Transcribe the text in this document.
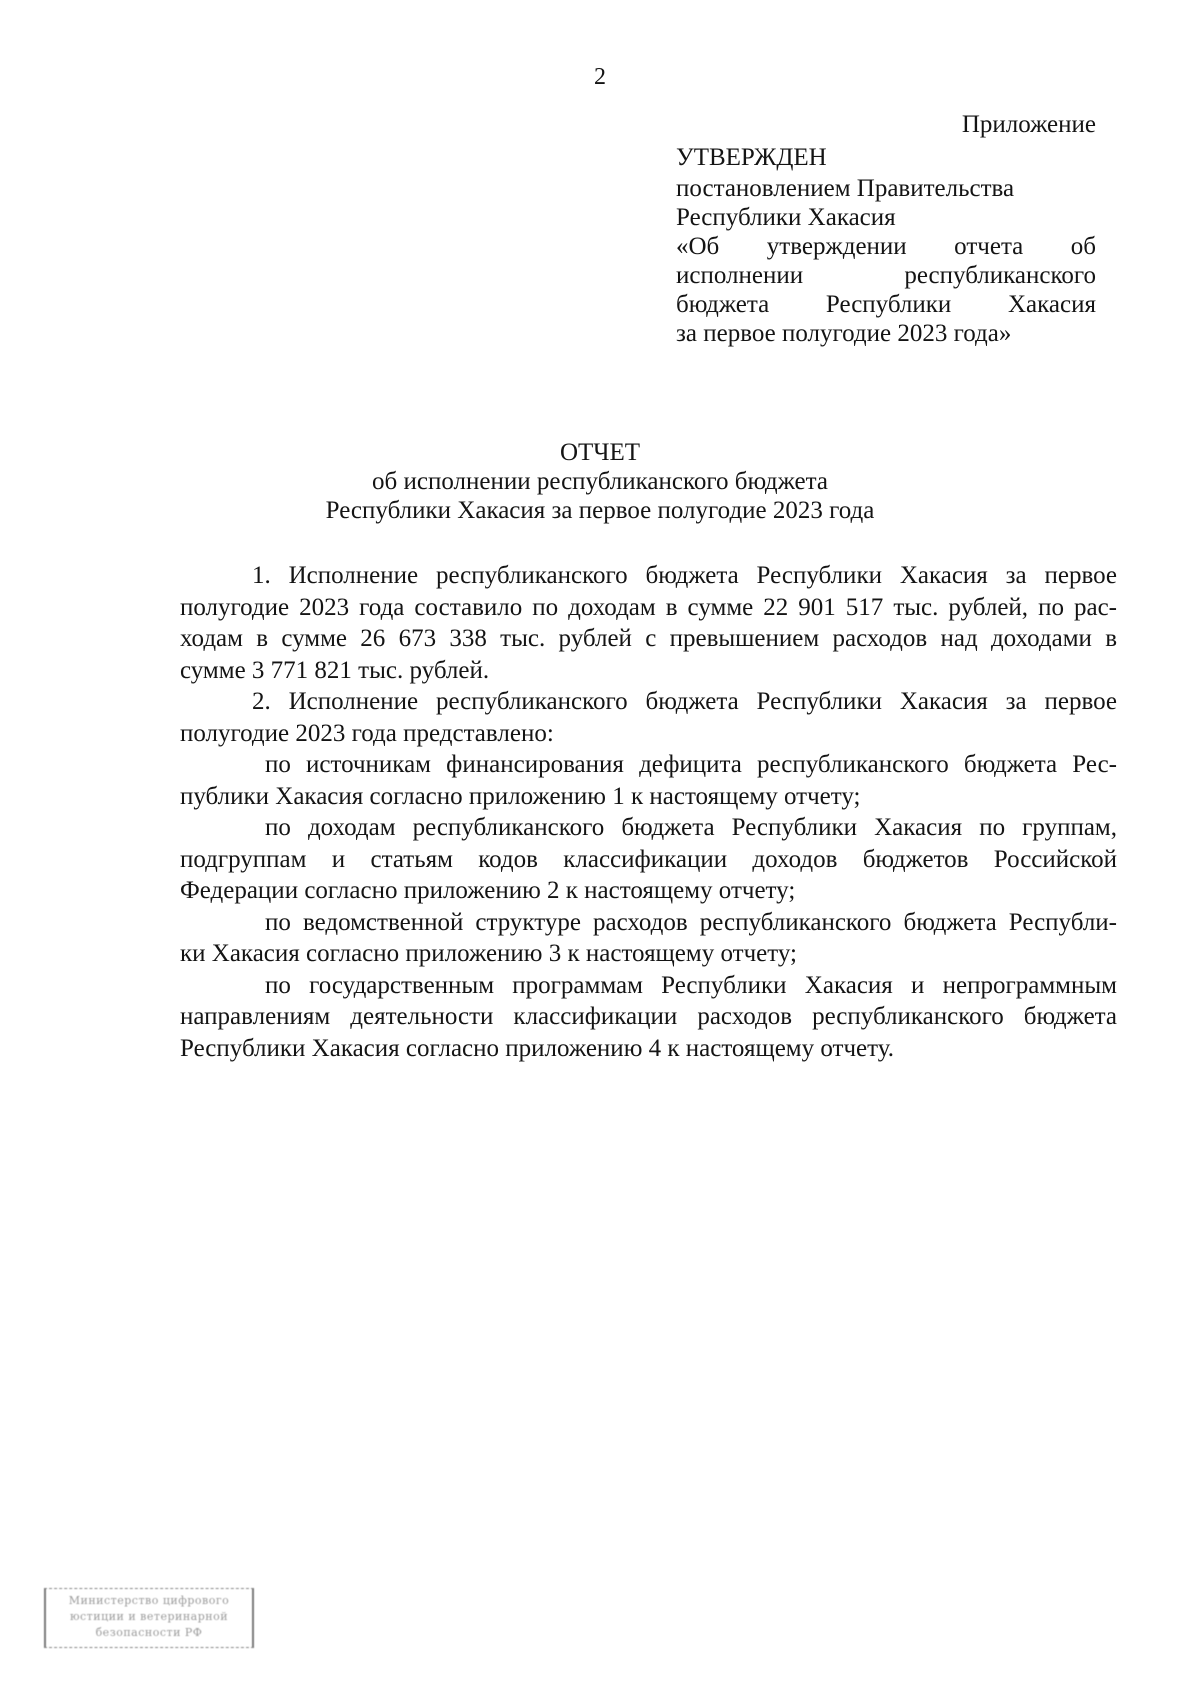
2
Приложение
УТВЕРЖДЕН
постановлением Правительства
Республики Хакасия
«Об утверждении отчета об
исполнении республиканского
бюджета Республики Хакасия
за первое полугодие 2023 года»
ОТЧЕТ
об исполнении республиканского бюджета
Республики Хакасия за первое полугодие 2023 года
1. Исполнение республиканского бюджета Республики Хакасия за первое
полугодие 2023 года составило по доходам в сумме 22 901 517 тыс. рублей, по рас-
ходам в сумме 26 673 338 тыс. рублей с превышением расходов над доходами в
сумме 3 771 821 тыс. рублей.
2. Исполнение республиканского бюджета Республики Хакасия за первое
полугодие 2023 года представлено:
по источникам финансирования дефицита республиканского бюджета Рес-
публики Хакасия согласно приложению 1 к настоящему отчету;
по доходам республиканского бюджета Республики Хакасия по группам,
подгруппам и статьям кодов классификации доходов бюджетов Российской
Федерации согласно приложению 2 к настоящему отчету;
по ведомственной структуре расходов республиканского бюджета Республи-
ки Хакасия согласно приложению 3 к настоящему отчету;
по государственным программам Республики Хакасия и непрограммным
направлениям деятельности классификации расходов республиканского бюджета
Республики Хакасия согласно приложению 4 к настоящему отчету.
Министерство цифрового
юстиции и ветеринарной
безопасности РФ
